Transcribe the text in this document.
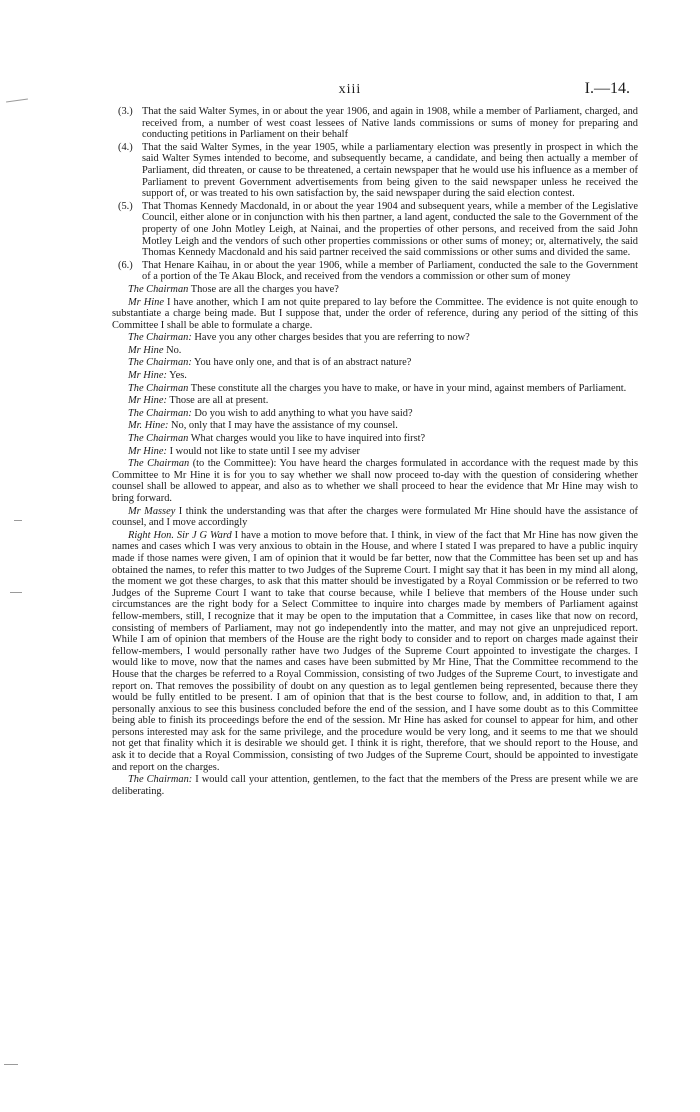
xiii	I.—14.
(3.) That the said Walter Symes, in or about the year 1906, and again in 1908, while a member of Parliament, charged, and received from, a number of west coast lessees of Native lands commissions or sums of money for preparing and conducting petitions in Parliament on their behalf
(4.) That the said Walter Symes, in the year 1905, while a parliamentary election was presently in prospect in which the said Walter Symes intended to become, and subsequently became, a candidate, and being then actually a member of Parliament, did threaten, or cause to be threatened, a certain newspaper that he would use his influence as a member of Parliament to prevent Government advertisements from being given to the said newspaper unless he received the support of, or was treated to his own satisfaction by, the said newspaper during the said election contest.
(5.) That Thomas Kennedy Macdonald, in or about the year 1904 and subsequent years, while a member of the Legislative Council, either alone or in conjunction with his then partner, a land agent, conducted the sale to the Government of the property of one John Motley Leigh, at Nainai, and the properties of other persons, and received from the said John Motley Leigh and the vendors of such other properties commissions or other sums of money; or, alternatively, the said Thomas Kennedy Macdonald and his said partner received the said commissions or other sums and divided the same.
(6.) That Henare Kaihau, in or about the year 1906, while a member of Parliament, conducted the sale to the Government of a portion of the Te Akau Block, and received from the vendors a commission or other sum of money

The Chairman Those are all the charges you have?

Mr Hine I have another, which I am not quite prepared to lay before the Committee. The evidence is not quite enough to substantiate a charge being made. But I suppose that, under the order of reference, during any period of the sitting of this Committee I shall be able to formulate a charge.

The Chairman: Have you any other charges besides that you are referring to now?

Mr Hine No.

The Chairman: You have only one, and that is of an abstract nature?

Mr Hine: Yes.

The Chairman These constitute all the charges you have to make, or have in your mind, against members of Parliament.

Mr Hine: Those are all at present.

The Chairman: Do you wish to add anything to what you have said?

Mr. Hine: No, only that I may have the assistance of my counsel.

The Chairman What charges would you like to have inquired into first?

Mr Hine: I would not like to state until I see my adviser

The Chairman (to the Committee): You have heard the charges formulated in accordance with the request made by this Committee to Mr Hine it is for you to say whether we shall now proceed to-day with the question of considering whether counsel shall be allowed to appear, and also as to whether we shall proceed to hear the evidence that Mr Hine may wish to bring forward.

Mr Massey I think the understanding was that after the charges were formulated Mr Hine should have the assistance of counsel, and I move accordingly

Right Hon. Sir J G Ward I have a motion to move before that. I think, in view of the fact that Mr Hine has now given the names and cases which I was very anxious to obtain in the House, and where I stated I was prepared to have a public inquiry made if those names were given, I am of opinion that it would be far better, now that the Committee has been set up and has obtained the names, to refer this matter to two Judges of the Supreme Court. I might say that it has been in my mind all along, the moment we got these charges, to ask that this matter should be investigated by a Royal Commission or be referred to two Judges of the Supreme Court I want to take that course because, while I believe that members of the House under such circumstances are the right body for a Select Committee to inquire into charges made by members of Parliament against fellow-members, still, I recognize that it may be open to the imputation that a Committee, in cases like that now on record, consisting of members of Parliament, may not go independently into the matter, and may not give an unprejudiced report. While I am of opinion that members of the House are the right body to consider and to report on charges made against their fellow-members, I would personally rather have two Judges of the Supreme Court appointed to investigate the charges. I would like to move, now that the names and cases have been submitted by Mr Hine, That the Committee recommend to the House that the charges be referred to a Royal Commission, consisting of two Judges of the Supreme Court, to investigate and report on. That removes the possibility of doubt on any question as to legal gentlemen being represented, because there they would be fully entitled to be present. I am of opinion that that is the best course to follow, and, in addition to that, I am personally anxious to see this business concluded before the end of the session, and I have some doubt as to this Committee being able to finish its proceedings before the end of the session. Mr Hine has asked for counsel to appear for him, and other persons interested may ask for the same privilege, and the procedure would be very long, and it seems to me that we should not get that finality which it is desirable we should get. I think it is right, therefore, that we should report to the House, and ask it to decide that a Royal Commission, consisting of two Judges of the Supreme Court, should be appointed to investigate and report on the charges.

The Chairman: I would call your attention, gentlemen, to the fact that the members of the Press are present while we are deliberating.
